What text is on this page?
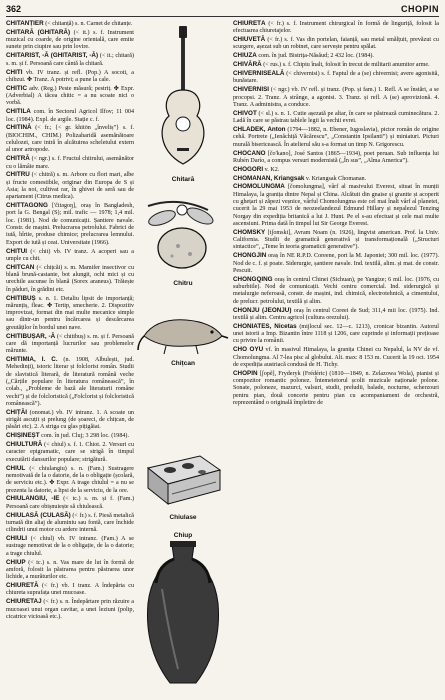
362	CHOPIN

CHITANȚIER (< chitanță) s. n. Carnet de chitanțe.

CHITARĂ (GHITARĂ) (< it.) s. f. Instrument muzical cu coarde, de origine orientală, care emite sunete prin ciupire sau prin lovire.

CHITARIST, -Ă (GHITARIST, -Ă) (< it.; chitară) s. m. și f. Persoană care cântă la chitară.

CHITI vb. IV tranz. și refl. (Pop.) A socoti, a chibzui. ✤ Tranz. A potrivi; a pune la cale.

CHITIC adv. (Reg.) Peste măsură; pestriț. ✤ Expr. (Adverbial) A tăcea chitic = a nu scoate nici o vorbă.

CHITILA com. în Sectorul Agricol Ilfov; 11 004 loc. (1984). Expl. de argile. Stație c. f.

CHITINĂ (< fr.; {< gr. khitōn „înveliș”} s. f. (BIOCHIM., CHIM.) Polizaharidă asemănătoare celulozei, care intră în alcătuirea scheletului extern al unor artropode.

CHITRĂ (< ngr.) s. f. Fructul chitrului, asemănător cu o lămâie mare.

CHITRU (< chitră) s. m. Arbore cu flori mari, albe și fructe comestibile, originar din Europa de S și Asia; la noi, cultivat rar, în ghivei de seră sau de apartament (Citrus medica).

CHITTAGONG ['čitəgoŋ], oraș în Bangladesh, port la G. Bengal (S); mil. trafic — 1978; 1,4 mil. loc. (1981). Nod de comunicații. Șantiere navale. Constr. de mașini. Prelucrarea petrolului. Fabrici de iută, hîrtie, produse chimice; prelucrarea lemnului. Export de iută și ceai. Universitate (1966).

CHITUI (< chit) vb. IV tranz. A acoperi sau a umple cu chit.

CHITCAN (< chițcăi) s. m. Mamifer insectivor cu blană brună-castanie, bot alungit, ochi mici și cu urechile ascunse în blană (Sorex araneus). Trăiește în păduri, în grădini etc.

CHITIBUȘ s. n. 1. Detaliu lipsit de importanță; mărunțiș, fleac. ✤ Tertip, smecherie. 2. Dispozitiv improvizat, format din mai multe mecanice simple sau dintr-un pentru încărcarea și descărcarea greutăților în bordul unei nave.

CHITIBUȘAR, -Ă (< chitibuș) s. m. și f. Persoană care dă importanță lucrurilor sau problemelor mărunte.

CHITIMIA, I. C. (n. 1908, Albulești, jud. Mehedinți), istoric literar și folclorist român. Studii de slavistică literară, de literatură română veche („Cărțile populare în literatura românească”, în colab., „Probleme de bază ale literaturii române vechi”) și de folcloristică („Folclorist și folcloristică românească”).

CHIȚĂI (onomat.) vb. IV intranz. 1. A scoate un strigăt ascuțit și prelung (de șoareci, de chițcan, de păsări etc). 2. A striga cu glas pițigăiat.

CHIȘINEȘT com. în jud. Cluj; 3 298 loc. (1984).

CHIULTURĂ (< chiul) s. f. 1. Chiot. 2. Versuri cu caracter epigramatic, care se strigă în timpul executării dansurilor populare; strigătură.

CHIUL (< chiulangiu) s. n. (Fam.) Sustragere nemotivată de la o datorie, de la o obligație (școlară, de serviciu etc.). ✤ Expr. A trage chiulul = a nu se prezenta la datorie, a lipsi de la serviciu, de la ore.

CHIULANGIU, -IE (< tc.) s. m. și f. (Fam.) Persoană care obișnuiește să chiulească.

CHIULASĂ (CULASĂ) (< fr.) s. f. Piesă metalică turnată din aliaj de aluminiu sau fontă, care închide cilindrii unui motor cu ardere internă.

CHIULI (< chiul) vb. IV intranz. (Fam.) A se sustrage nemotivat de la o obligație, de la o datorie; a trage chiulul.

CHIUP (< tc.) s. n. Vas mare de lut în formă de amforă, folosit la păstrarea pentru păstrarea unor lichide, a murăturilor etc.

CHIURETĂ (< fr.) vb. I tranz. A îndepărta cu chiureta suprafața unei mucoase.

CHIURETAJ (< fr.) s. n. Îndepărtare prin răzuire a mucoasei unui organ cavitar, a unei leziuni (polip, cicatrice vicioasă etc.).

Chitară
Chitru
Chițcan
Chiulase
Chiup

CHIURETĂ (< fr.) s. f. Instrument chirurgical în formă de linguriță, folosit la efectuarea chiuretajelor.

CHIUVETĂ (< fr.) s. f. Vas din portelan, faianță, sau metal smălțuit, prevăzut cu scurgere, așezat sub un robinet, care servește pentru spălat.

CHIUZA com. în jud. Bistrița-Năsăud; 2 432 loc. (1984).

CHIVĂRĂ (< rus.) s. f. Chipiu înalt, folosit în trecut de militarii anumitor arme.

CHIVERNISEALĂ (< chivernisi) s. f. Faptul de a (se) chivernisi; avere agonisită, bunăstare.

CHIVERNISI (< ngr.) vb. IV refl. și tranz. (Pop. și fam.) 1. Refl. A se înstări, a se procopsi. 2. Tranz. A strânge, a agonisi. 3. Tranz. și refl. A (se) aprovizionă. 4. Tranz. A administra, a conduce.

CHIVOT (< sl.) s. n. 1. Cutie așezată pe altar, în care se păstrează cuminecătura. 2. Ladă în care se păstrau tablele legii la vechii evrei.

CHLADEK, Anton (1794—1882, n. Ebener, Iugoslavia), pictor român de origine cehă. Portrete („Ienăchiță Văcărescu”, „Constantin Ipsilanti”) și miniaturi. Picturi murală bisericească. În atelierul său s-a format un timp N. Grigorescu.

CHOCANO [čo'kano], José Santos (1865—1934), poet peruan. Sub influența lui Rubén Darío, a compus versuri modernistă („În sus”, „Alma America”).

CHOGORI v. K2.

CHOMANAN, Kriangsak v. Kriangsak Chomanan.

CHOMOLUNGMA [čomolungma], vârf al masivului Everest, situat în munții Himalaya, la granița dintre Nepal și China. Alcătuit din gnaise și granite și acoperit cu ghețari și zăpezi veșnice, vârful Chomolungma este cel mai înalt vârf al planetei, cucerit la 29 mai 1953 de neozeelandezul Edmund Hillary și nepalezul Tenzing Norgay din expediția britanică a lui J. Hunt. Pe el s-au efectuat și cele mai multe ascensiuni. Prima dată în timpul lui Sir George Everest.

CHOMSKY [tʃomski], Avram Noam (n. 1926), lingvist american. Prof. la Univ. California. Studii de gramatică generativă și transformațională („Structuri sintactice”, „Teme în teoria gramaticii generative”).

CHONGJIN oraș în NE R.P.D. Coreene, port la M. Japoniei; 300 mil. loc. (1977). Nod de c. f. și poate. Siderurgie, șantiere navale. Ind. textilă, alim. și mat. de constr. Pescuit.

CHONGQING oraș în centrul Chinei (Sichuan), pe Yangtze; 6 mil. loc. (1976, cu suburbiile). Nod de comunicații. Vechi centru comercial. Ind. siderurgică și metalurgie neferoasă, constr. de mașini, ind. chimică, electrotehnică, a cimentului, de prelucr. petrolului, textilă și alim.

CHONJU (JEONJU) oraș în centrul Coreei de Sud; 311,4 mii loc. (1975). Ind. textilă și alim. Centru agricol (cultura orezului).

CHONIATES, Nicetas (mijlocul sec. 12—c. 1213), cronicar bizantin. Autorul unei istorii a Imp. Bizantin între 1118 și 1206, care cuprinde și informații prețioase cu privire la românii.

CHO OYU vf. în masivul Himalaya, la granița Chinei cu Nepalul, la NV de vf. Chomolungma. Al 7-lea pisc al globului. Alt. max: 8 153 m. Cucerit la 19 oct. 1954 de expediția austriacă condusă de H. Tichy.

CHOPIN [ʃopẽ], Fryderyk (Frédéric) (1810—1849, n. Zelazowa Wola), pianist și compozitor romantic polonez. Întemeietorul școlii muzicale naționale polone. Sonate, poloneze, mazurci, valsuri, studii, preludii, balade, nocturne, scherzouri pentru pian, două concerte pentru pian cu acompaniament de orchestră, reprezentând o originală împletire de
